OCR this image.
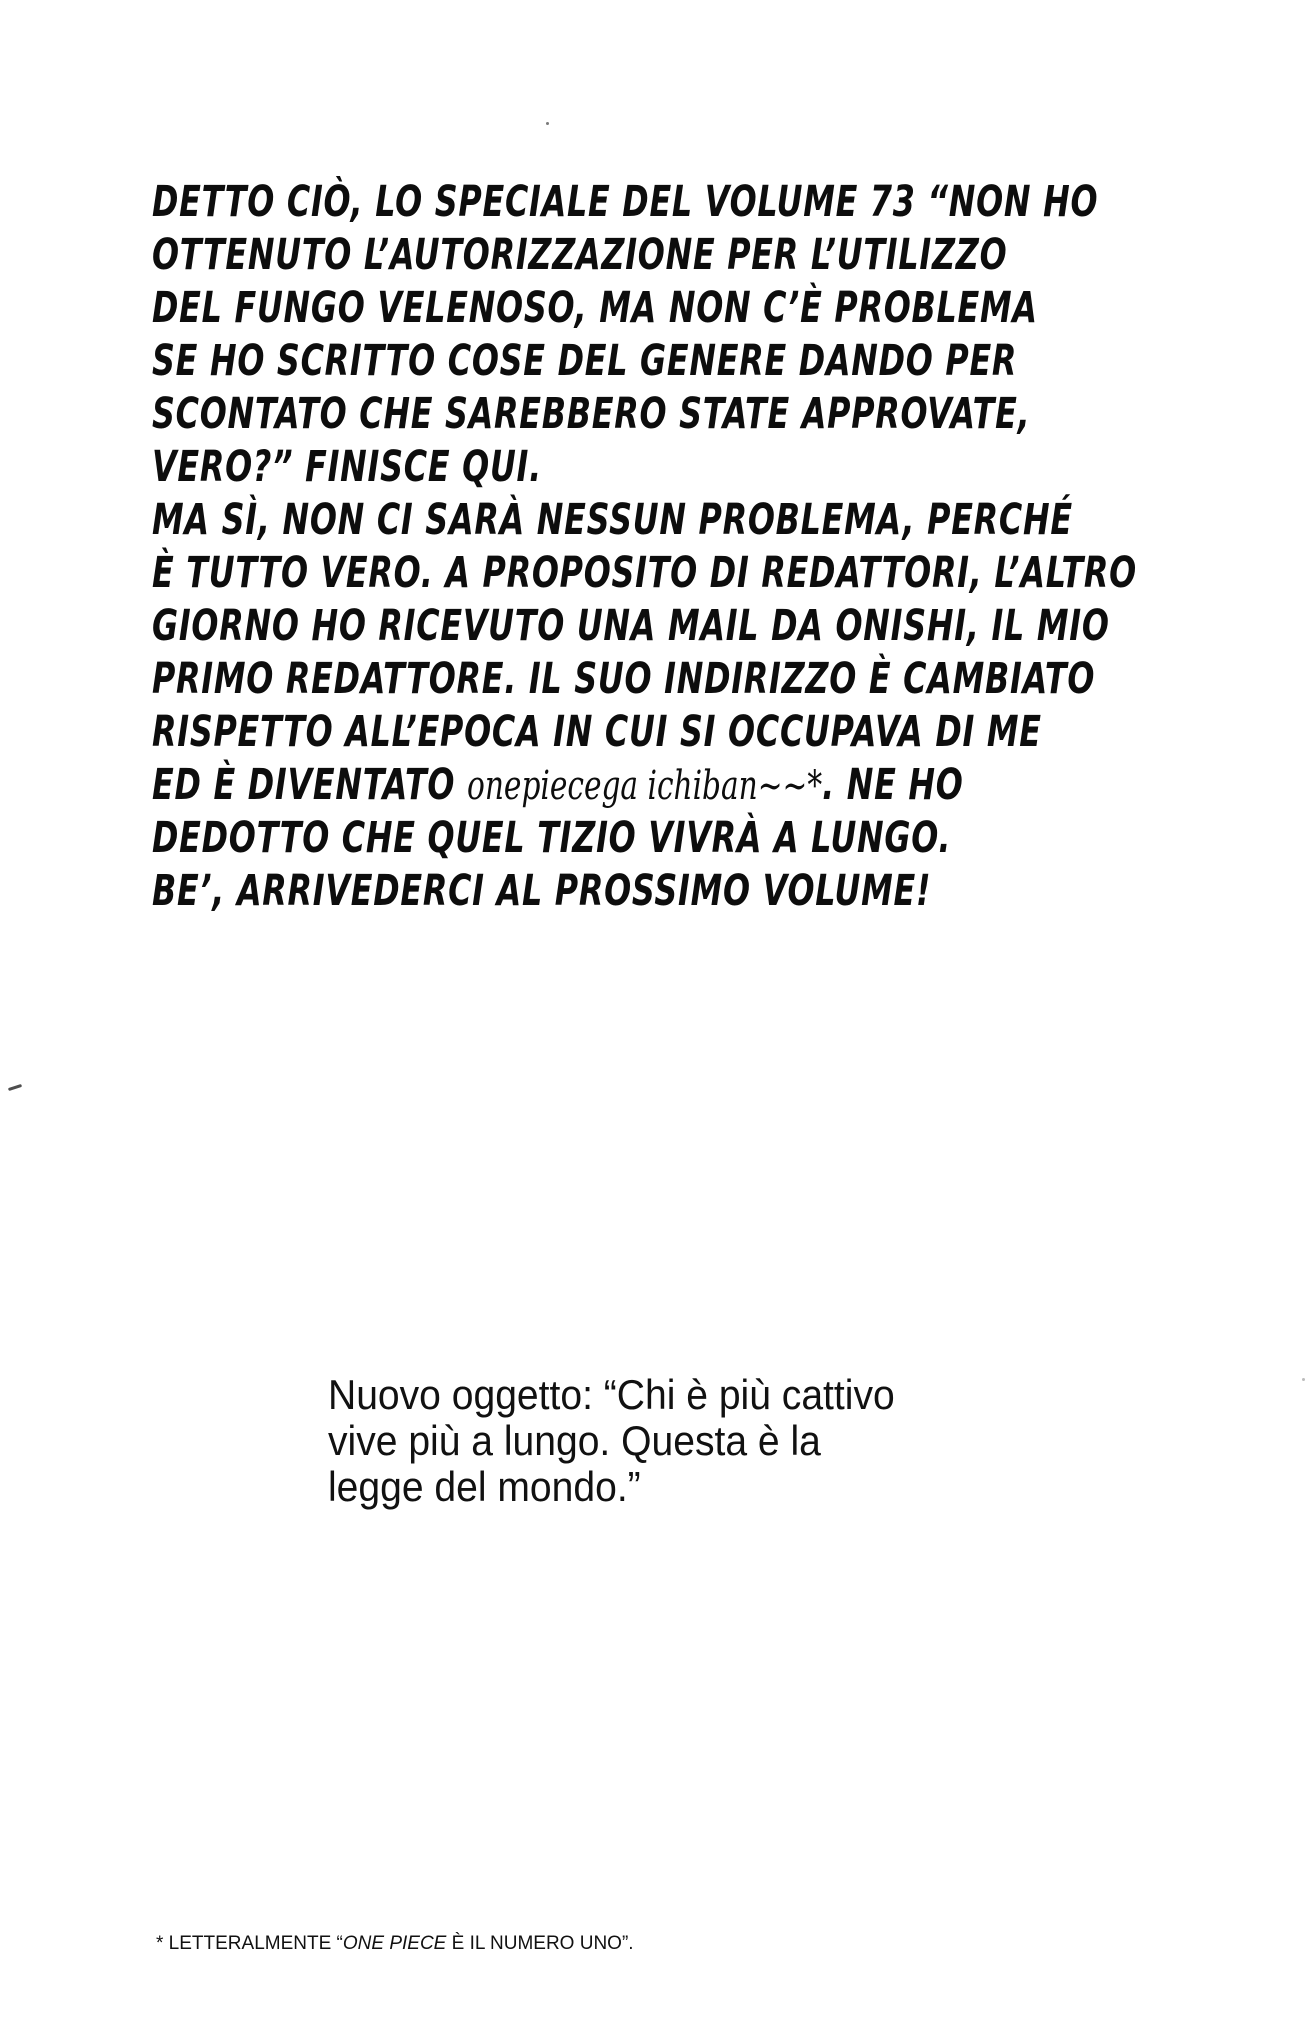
DETTO CIÒ, LO SPECIALE DEL VOLUME 73 “NON HO
OTTENUTO L’AUTORIZZAZIONE PER L’UTILIZZO
DEL FUNGO VELENOSO, MA NON C’È PROBLEMA
SE HO SCRITTO COSE DEL GENERE DANDO PER
SCONTATO CHE SAREBBERO STATE APPROVATE,
VERO?” FINISCE QUI.
MA SÌ, NON CI SARÀ NESSUN PROBLEMA, PERCHÉ
È TUTTO VERO. A PROPOSITO DI REDATTORI, L’ALTRO
GIORNO HO RICEVUTO UNA MAIL DA ONISHI, IL MIO
PRIMO REDATTORE. IL SUO INDIRIZZO È CAMBIATO
RISPETTO ALL’EPOCA IN CUI SI OCCUPAVA DI ME
ED È DIVENTATO onepiecega ichiban~~*. NE HO
DEDOTTO CHE QUEL TIZIO VIVRÀ A LUNGO.
BE’, ARRIVEDERCI AL PROSSIMO VOLUME!
Nuovo oggetto: “Chi è più cattivo
vive più a lungo. Questa è la
legge del mondo.”
* LETTERALMENTE “ONE PIECE È IL NUMERO UNO”.
